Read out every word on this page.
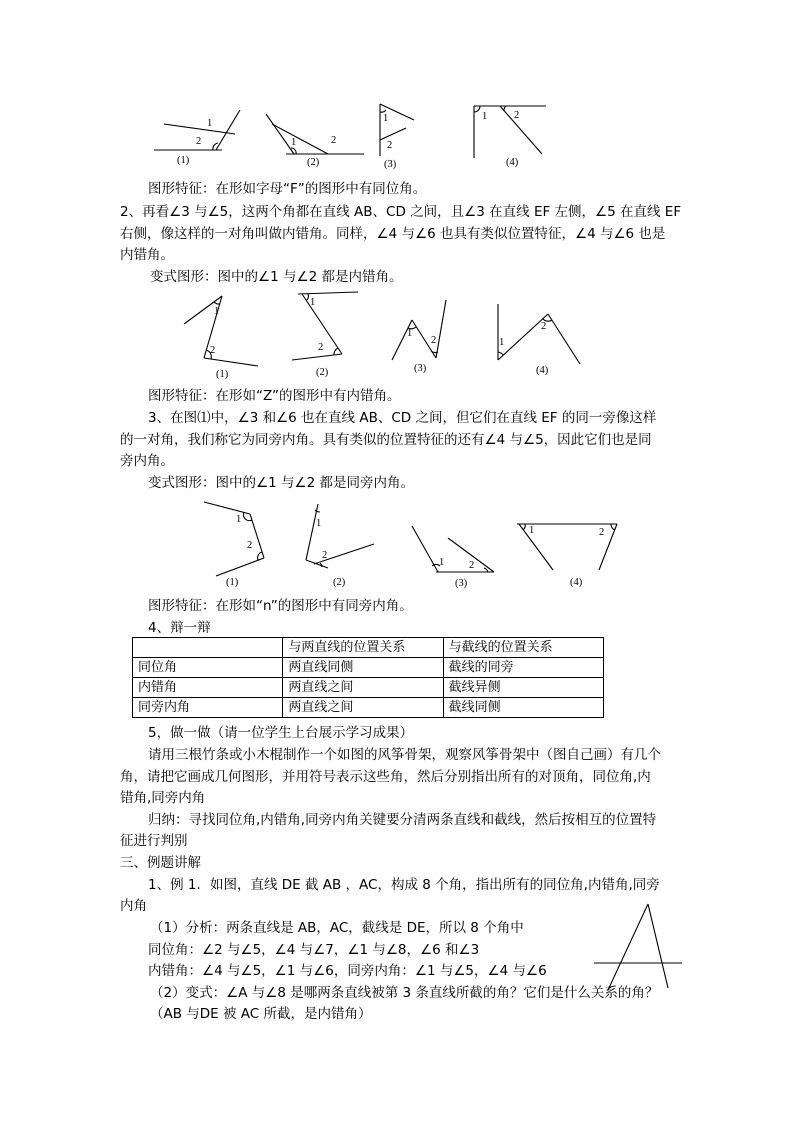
1
2
(1)
1	2
(2)
1
2
(3)
1	2
(4)
图形特征：在形如字母“F”的图形中有同位角。
2、再看∠3 与∠5，这两个角都在直线 AB、CD 之间，且∠3 在直线 EF 左侧，∠5 在直线 EF
右侧，像这样的一对角叫做内错角。同样，∠4 与∠6 也具有类似位置特征，∠4 与∠6 也是
内错角。
变式图形：图中的∠1 与∠2 都是内错角。
1
2
(1)
1
2
(2)
1
2
(3)
1
2
(4)
图形特征：在形如“Z”的图形中有内错角。
3、在图⑴中，∠3 和∠6 也在直线 AB、CD 之间，但它们在直线 EF 的同一旁像这样
的一对角，我们称它为同旁内角。具有类似的位置特征的还有∠4 与∠5，因此它们也是同
旁内角。
变式图形：图中的∠1 与∠2 都是同旁内角。
1
2
(1)
1
2
(2)
1 2
(3)
1	2
(4)
图形特征：在形如“n”的图形中有同旁内角。
4、辩一辩
	与两直线的位置关系	与截线的位置关系
同位角	两直线同侧	截线的同旁
内错角	两直线之间	截线异侧
同旁内角	两直线之间	截线同侧
5，做一做（请一位学生上台展示学习成果）
请用三根竹条或小木棍制作一个如图的风筝骨架，观察风筝骨架中（图自己画）有几个
角，请把它画成几何图形，并用符号表示这些角，然后分别指出所有的对顶角，同位角,内
错角,同旁内角
归纳：寻找同位角,内错角,同旁内角关键要分清两条直线和截线，然后按相互的位置特
征进行判别
三、例题讲解
1、例 1．如图，直线 DE 截 AB ，AC，构成 8 个角，指出所有的同位角,内错角,同旁
内角
（1）分析：两条直线是 AB，AC，截线是 DE，所以 8 个角中
同位角：∠2 与∠5，∠4 与∠7，∠1 与∠8，∠6 和∠3
内错角：∠4 与∠5，∠1 与∠6，同旁内角：∠1 与∠5，∠4 与∠6
（2）变式：∠A 与∠8 是哪两条直线被第 3 条直线所截的角？它们是什么关系的角？
（AB 与DE 被 AC 所截，是内错角）
